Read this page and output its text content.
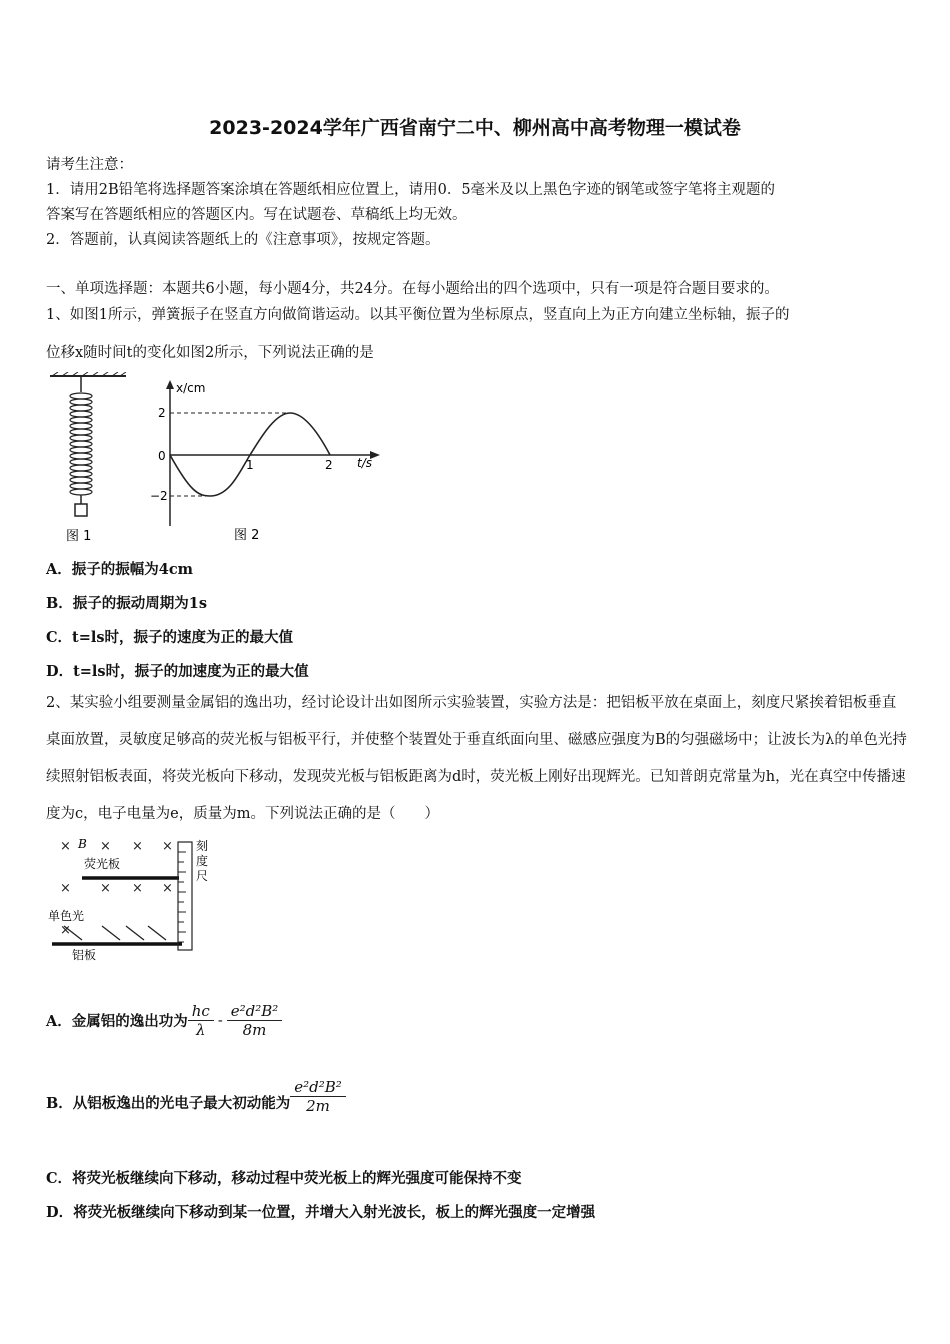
2023-2024学年广西省南宁二中、柳州高中高考物理一模试卷
请考生注意：
1．请用2B铅笔将选择题答案涂填在答题纸相应位置上，请用0．5毫米及以上黑色字迹的钢笔或签字笔将主观题的
答案写在答题纸相应的答题区内。写在试题卷、草稿纸上均无效。
2．答题前，认真阅读答题纸上的《注意事项》，按规定答题。
一、单项选择题：本题共6小题，每小题4分，共24分。在每小题给出的四个选项中，只有一项是符合题目要求的。
1、如图1所示，弹簧振子在竖直方向做简谐运动。以其平衡位置为坐标原点，竖直向上为正方向建立坐标轴，振子的
位移x随时间t的变化如图2所示，下列说法正确的是
图 1
x/cm
t/s
2
0
−2
1	2
图 2
A．振子的振幅为4cm
B．振子的振动周期为1s
C．t=ls时，振子的速度为正的最大值
D．t=ls时，振子的加速度为正的最大值
2、某实验小组要测量金属铝的逸出功，经讨论设计出如图所示实验装置，实验方法是：把铝板平放在桌面上，刻度尺紧挨着铝板垂直桌面放置，灵敏度足够高的荧光板与铝板平行，并使整个装置处于垂直纸面向里、磁感应强度为B的匀强磁场中；让波长为λ的单色光持续照射铝板表面，将荧光板向下移动，发现荧光板与铝板距离为d时，荧光板上刚好出现辉光。已知普朗克常量为h，光在真空中传播速度为c，电子电量为e，质量为m。下列说法正确的是（　　）
× × × ×
× × × ×
×
B
荧光板
单色光
铝板
刻
度
尺
A．金属铝的逸出功为 $\frac{hc}{\lambda} - \frac{\text{e²d²B²}}{8m}$
B．从铝板逸出的光电子最大初动能为 $\frac{\text{e²d²B²}}{2m}$
C．将荧光板继续向下移动，移动过程中荧光板上的辉光强度可能保持不变
D．将荧光板继续向下移动到某一位置，并增大入射光波长，板上的辉光强度一定增强
